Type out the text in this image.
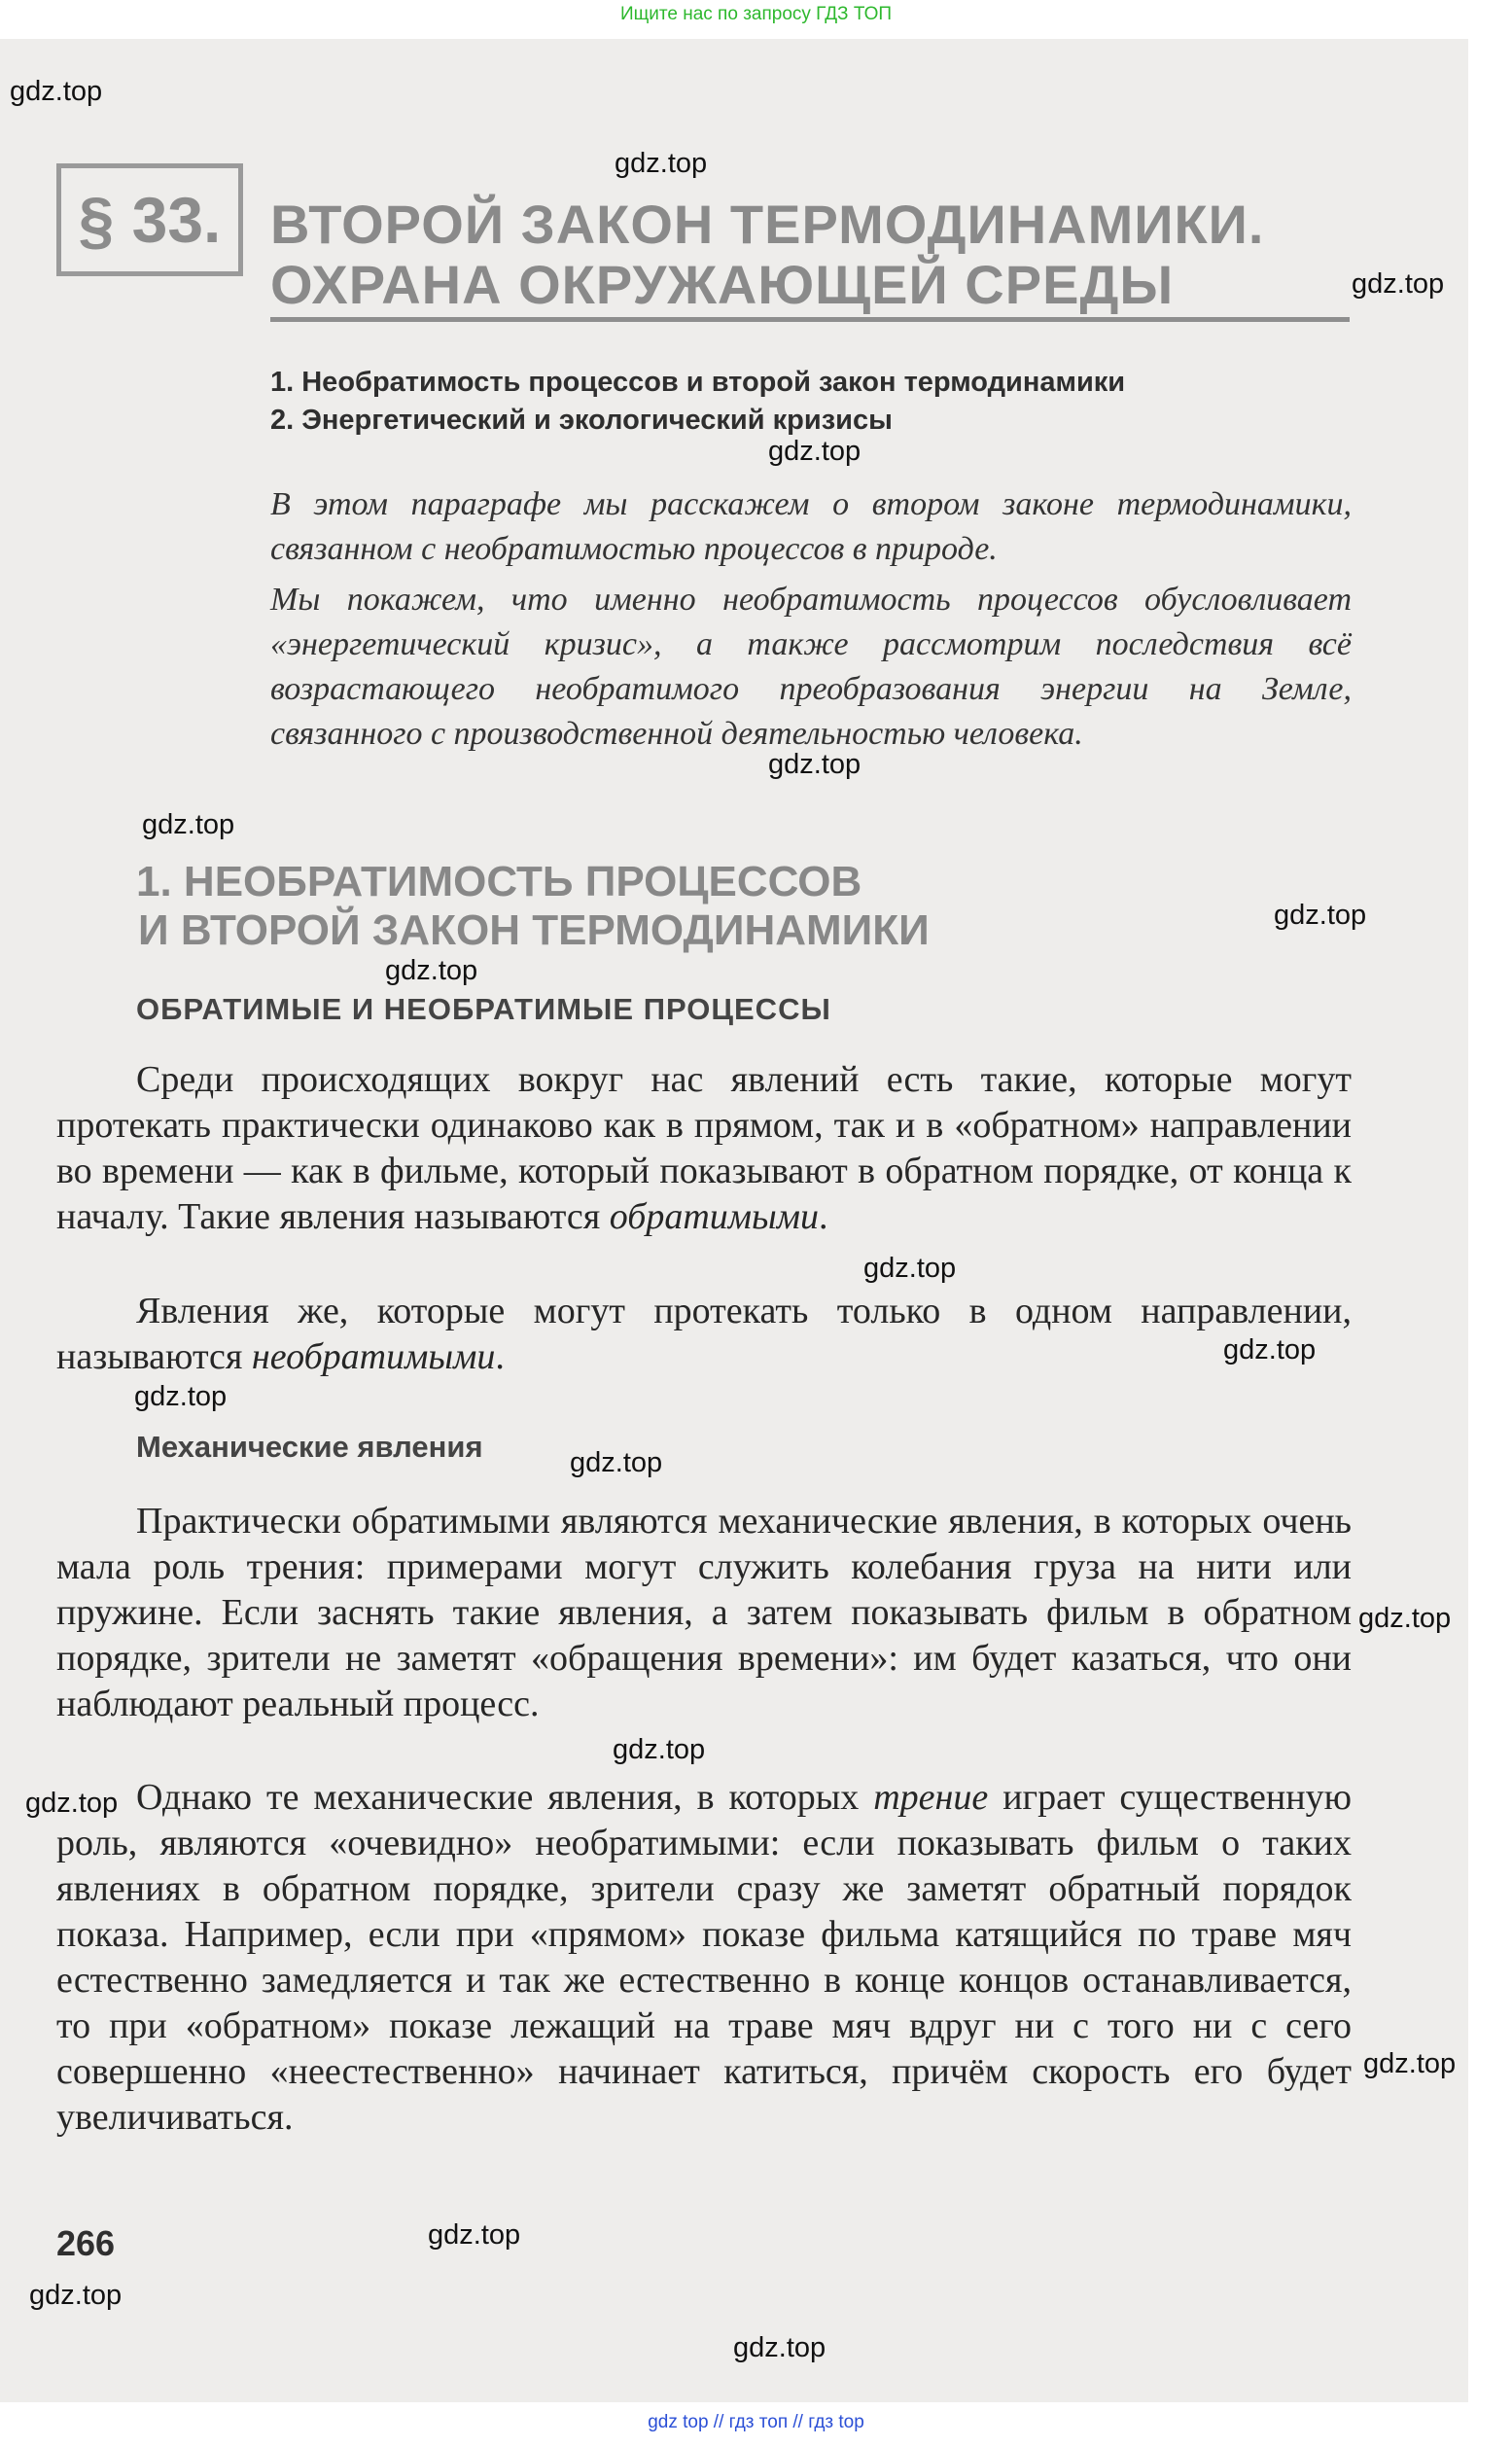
Ищите нас по запросу ГДЗ ТОП
§ 33. ВТОРОЙ ЗАКОН ТЕРМОДИНАМИКИ.
ОХРАНА ОКРУЖАЮЩЕЙ СРЕДЫ
1. Необратимость процессов и второй закон термодинамики
2. Энергетический и экологический кризисы

В этом параграфе мы расскажем о втором законе термодинамики, связанном с необратимостью процессов в природе.

Мы покажем, что именно необратимость процессов обусловливает «энергетический кризис», а также рассмотрим последствия всё возрастающего необратимого преобразования энергии на Земле, связанного с производственной деятельностью человека.

1. НЕОБРАТИМОСТЬ ПРОЦЕССОВ
И ВТОРОЙ ЗАКОН ТЕРМОДИНАМИКИ
ОБРАТИМЫЕ И НЕОБРАТИМЫЕ ПРОЦЕССЫ

Среди происходящих вокруг нас явлений есть такие, которые могут протекать практически одинаково как в прямом, так и в «обратном» направлении во времени — как в фильме, который показывают в обратном порядке, от конца к началу. Такие явления называются обратимыми.

Явления же, которые могут протекать только в одном направлении, называются необратимыми.

Механические явления

Практически обратимыми являются механические явления, в которых очень мала роль трения: примерами могут служить колебания груза на нити или пружине. Если заснять такие явления, а затем показывать фильм в обратном порядке, зрители не заметят «обращения времени»: им будет казаться, что они наблюдают реальный процесс.

Однако те механические явления, в которых трение играет существенную роль, являются «очевидно» необратимыми: если показывать фильм о таких явлениях в обратном порядке, зрители сразу же заметят обратный порядок показа. Например, если при «прямом» показе фильма катящийся по траве мяч естественно замедляется и так же естественно в конце концов останавливается, то при «обратном» показе лежащий на траве мяч вдруг ни с того ни с сего совершенно «неестественно» начинает катиться, причём скорость его будет увеличиваться.

266
gdz.top
gdz.top
gdz.top
gdz.top
gdz.top
gdz.top
gdz.top
gdz.top
gdz.top
gdz.top
gdz.top
gdz.top
gdz.top
gdz.top
gdz.top
gdz.top
gdz.top
gdz.top
gdz.top
gdz top // гдз топ // гдз top
